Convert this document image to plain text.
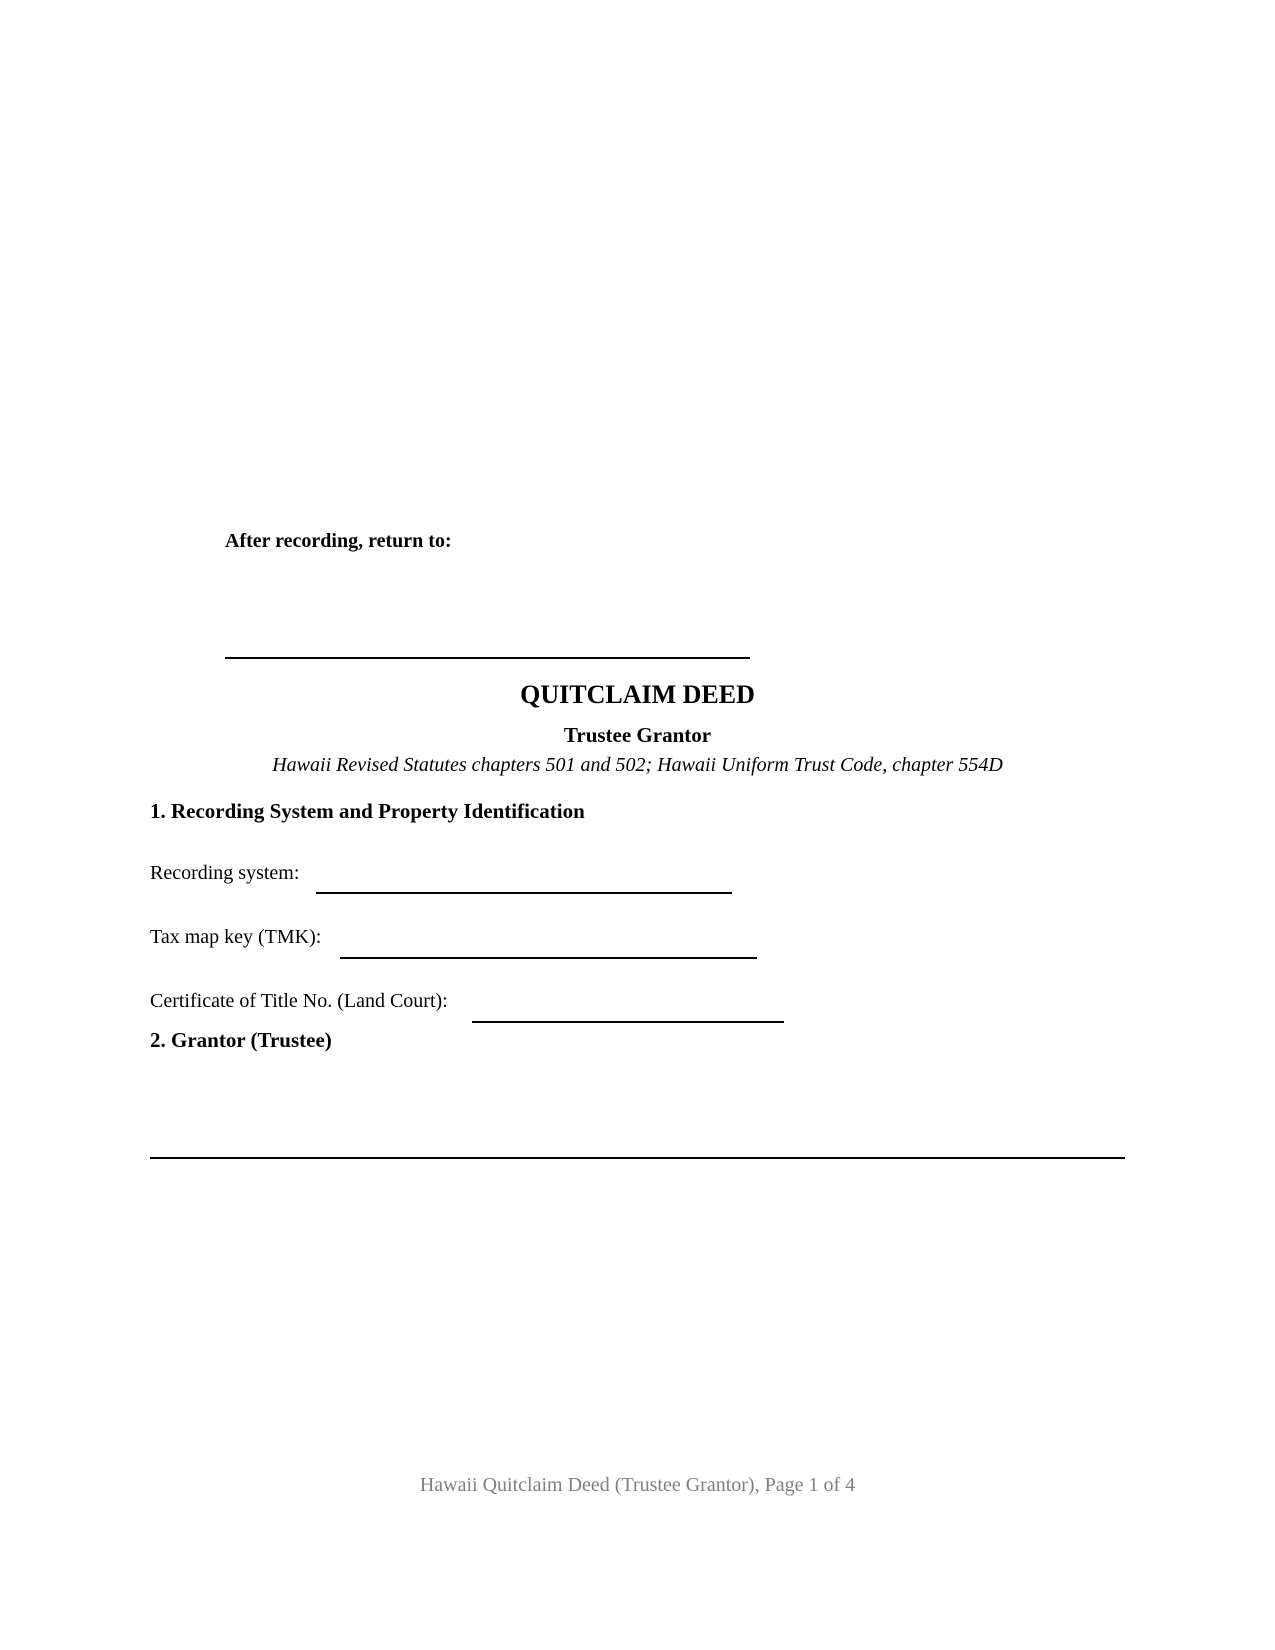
After recording, return to:
QUITCLAIM DEED
Trustee Grantor
Hawaii Revised Statutes chapters 501 and 502; Hawaii Uniform Trust Code, chapter 554D
1. Recording System and Property Identification
Recording system:
Tax map key (TMK):
Certificate of Title No. (Land Court):
2. Grantor (Trustee)
Hawaii Quitclaim Deed (Trustee Grantor), Page 1 of 4
